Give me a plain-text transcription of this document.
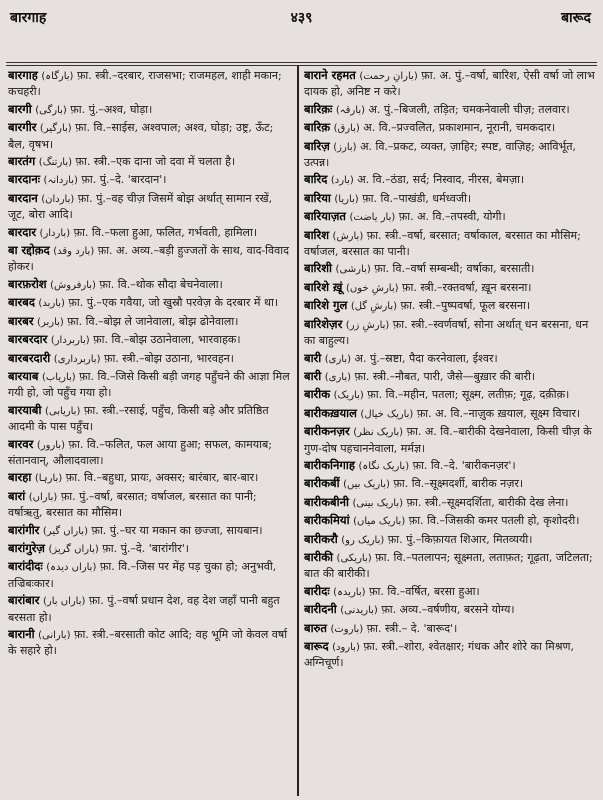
बारगाह	४३९	बारूद
बारगाह (بارگاہ) फ़ा. स्त्री.–दरबार, राजसभा; राजमहल, शाही मकान; कचहरी।
बारगी (بارگی) फ़ा. पुं.–अश्व, घोड़ा।
बारगीर (بارگیر) फ़ा. वि.–साईस, अश्वपाल; अश्व, घोड़ा; उष्ट्र, ऊँट; बैल, वृषभ।
बारतंग (بارتنگ) फ़ा. स्त्री.–एक दाना जो दवा में चलता है।
बारदानः (باردانہ) फ़ा. पुं.–दे. 'बारदान'।
बारदान (باردان) फ़ा. पुं.–वह चीज़ जिसमें बोझ अर्थात् सामान रखें, जूट, बोरा आदि।
बारदार (باردار) फ़ा. वि.–फला हुआ, फलित, गर्भवती, हामिला।
बा रद्दोक़द (بارد وقد) फ़ा. अ. अव्य.–बड़ी हुज्जतों के साथ, वाद-विवाद होकर।
बारफ़रोश (بارفروش) फ़ा. वि.–थोक सौदा बेचनेवाला।
बारबद (باربد) फ़ा. पुं.–एक गवैया, जो खुस्रौ परवेज़ के दरबार में था।
बारबर (باربر) फ़ा. वि.–बोझ ले जानेवाला, बोझ ढोनेवाला।
बारबरदार (باربردار) फ़ा. वि.–बोझ उठानेवाला, भारवाहक।
बारबरदारी (باربرداری) फ़ा. स्त्री.–बोझ उठाना, भारवहन।
बारयाब (باریاب) फ़ा. वि.–जिसे किसी बड़ी जगह पहुँचने की आज्ञा मिल गयी हो, जो पहुँच गया हो।
बारयाबी (باریابی) फ़ा. स्त्री.–रसाई, पहुँच, किसी बड़े और प्रतिष्ठित आदमी के पास पहुँच।
बारवर (بارور) फ़ा. वि.–फलित, फल आया हुआ; सफल, कामयाब; संतानवान्, औलादवाला।
बारहा (بارہا) फ़ा. वि.–बहुधा, प्रायः, अक्सर; बारंबार, बार-बार।
बारां (باراں) फ़ा. पुं.–वर्षा, बरसात; वर्षाजल, बरसात का पानी; वर्षाऋतु, बरसात का मौसिम।
बारांगीर (باراں گیر) फ़ा. पुं.–घर या मकान का छज्जा, सायबान।
बारांगुरेज़ (باراں گریز) फ़ा. पुं.–दे. 'बारांगीर'।
बारांदीदः (باراں دیدہ) फ़ा. वि.–जिस पर मेंह पड़ चुका हो; अनुभवी, तज्रिबःकार।
बारांबार (باراں بار) फ़ा. पुं.–वर्षा प्रधान देश, वह देश जहाँ पानी बहुत बरसता हो।
बारानी (بارانی) फ़ा. स्त्री.–बरसाती कोट आदि; वह भूमि जो केवल वर्षा के सहारे हो।
बाराने रहमत (بارانِ رحمت) फ़ा. अ. पुं.–वर्षा, बारिश, ऐसी वर्षा जो लाभ दायक हो, अनिष्ट न करे।
बारिक़ः (بارقہ) अ. पुं.–बिजली, तड़ित; चमकनेवाली चीज़; तलवार।
बारिक़ (بارق) अ. वि.–प्रज्वलित, प्रकाशमान, नूरानी, चमकदार।
बारिज़ (بارز) अ. वि.–प्रकट, व्यक्त, ज़ाहिर; स्पष्ट, वाज़िह; आविर्भूत, उत्पन्न।
बारिद (بارد) अ. वि.–ठंडा, सर्द; निस्वाद, नीरस, बेमज़ा।
बारिया (باریا) फ़ा. वि.–पाखंडी, धर्मध्वजी।
बारियाज़त (بار یاضت) फ़ा. अ. वि.–तपस्वी, योगी।
बारिश (بارش) फ़ा. स्त्री.–वर्षा, बरसात; वर्षाकाल, बरसात का मौसिम; वर्षाजल, बरसात का पानी।
बारिशी (بارشی) फ़ा. वि.–वर्षा सम्बन्धी; वर्षाका, बरसाती।
बारिशे ख़ूं (بارشِ خوں) फ़ा. स्त्री.–रक्तवर्षा, ख़ून बरसना।
बारिशे गुल (بارشِ گل) फ़ा. स्त्री.–पुष्पवर्षा, फूल बरसना।
बारिशेज़र (بارشِ زر) फ़ा. स्त्री.–स्वर्णवर्षा, सोना अर्थात् धन बरसना, धन का बाहुल्य।
बारी (باری) अ. पुं.–स्रष्टा, पैदा करनेवाला, ईश्वर।
बारी (باری) फ़ा. स्त्री.–नौबत, पारी, जैसे—बुख़ार की बारी।
बारीक (باریک) फ़ा. वि.–महीन, पतला; सूक्ष्म, लतीफ़; गूढ़, दक़ीक़।
बारीकख़याल (باریک خیال) फ़ा. अ. वि.–नाज़ुक ख़याल, सूक्ष्म विचार।
बारीकनज़र (باریک نظر) फ़ा. अ. वि.–बारीकी देखनेवाला, किसी चीज़ के गुण-दोष पहचाननेवाला, मर्मज्ञ।
बारीकनिगाह (باریک نگاہ) फ़ा. वि.–दे. 'बारीकनज़र'।
बारीकबीं (باریک بیں) फ़ा. वि.–सूक्ष्मदर्शी, बारीक नज़र।
बारीकबीनी (باریک بینی) फ़ा. स्त्री.–सूक्ष्मदर्शिता, बारीकी देख लेना।
बारीकमियां (باریک میاں) फ़ा. वि.–जिसकी कमर पतली हो, कृशोदरी।
बारीकरौ (باریک رو) फ़ा. पुं.–किफ़ायत शिआर, मितव्ययी।
बारीकी (باریکی) फ़ा. वि.–पतलापन; सूक्ष्मता, लताफ़त; गूढ़ता, जटिलता; बात की बारीकी।
बारीदः (باریدہ) फ़ा. वि.–वर्षित, बरसा हुआ।
बारीदनी (باریدنی) फ़ा. अव्य.–वर्षणीय, बरसने योग्य।
बारुत (باروت) फ़ा. स्त्री.– दे. 'बारूद'।
बारूद (بارود) फ़ा. स्त्री.–शोरा, श्वेतक्षार; गंधक और शोरे का मिश्रण, अग्निचूर्ण।
